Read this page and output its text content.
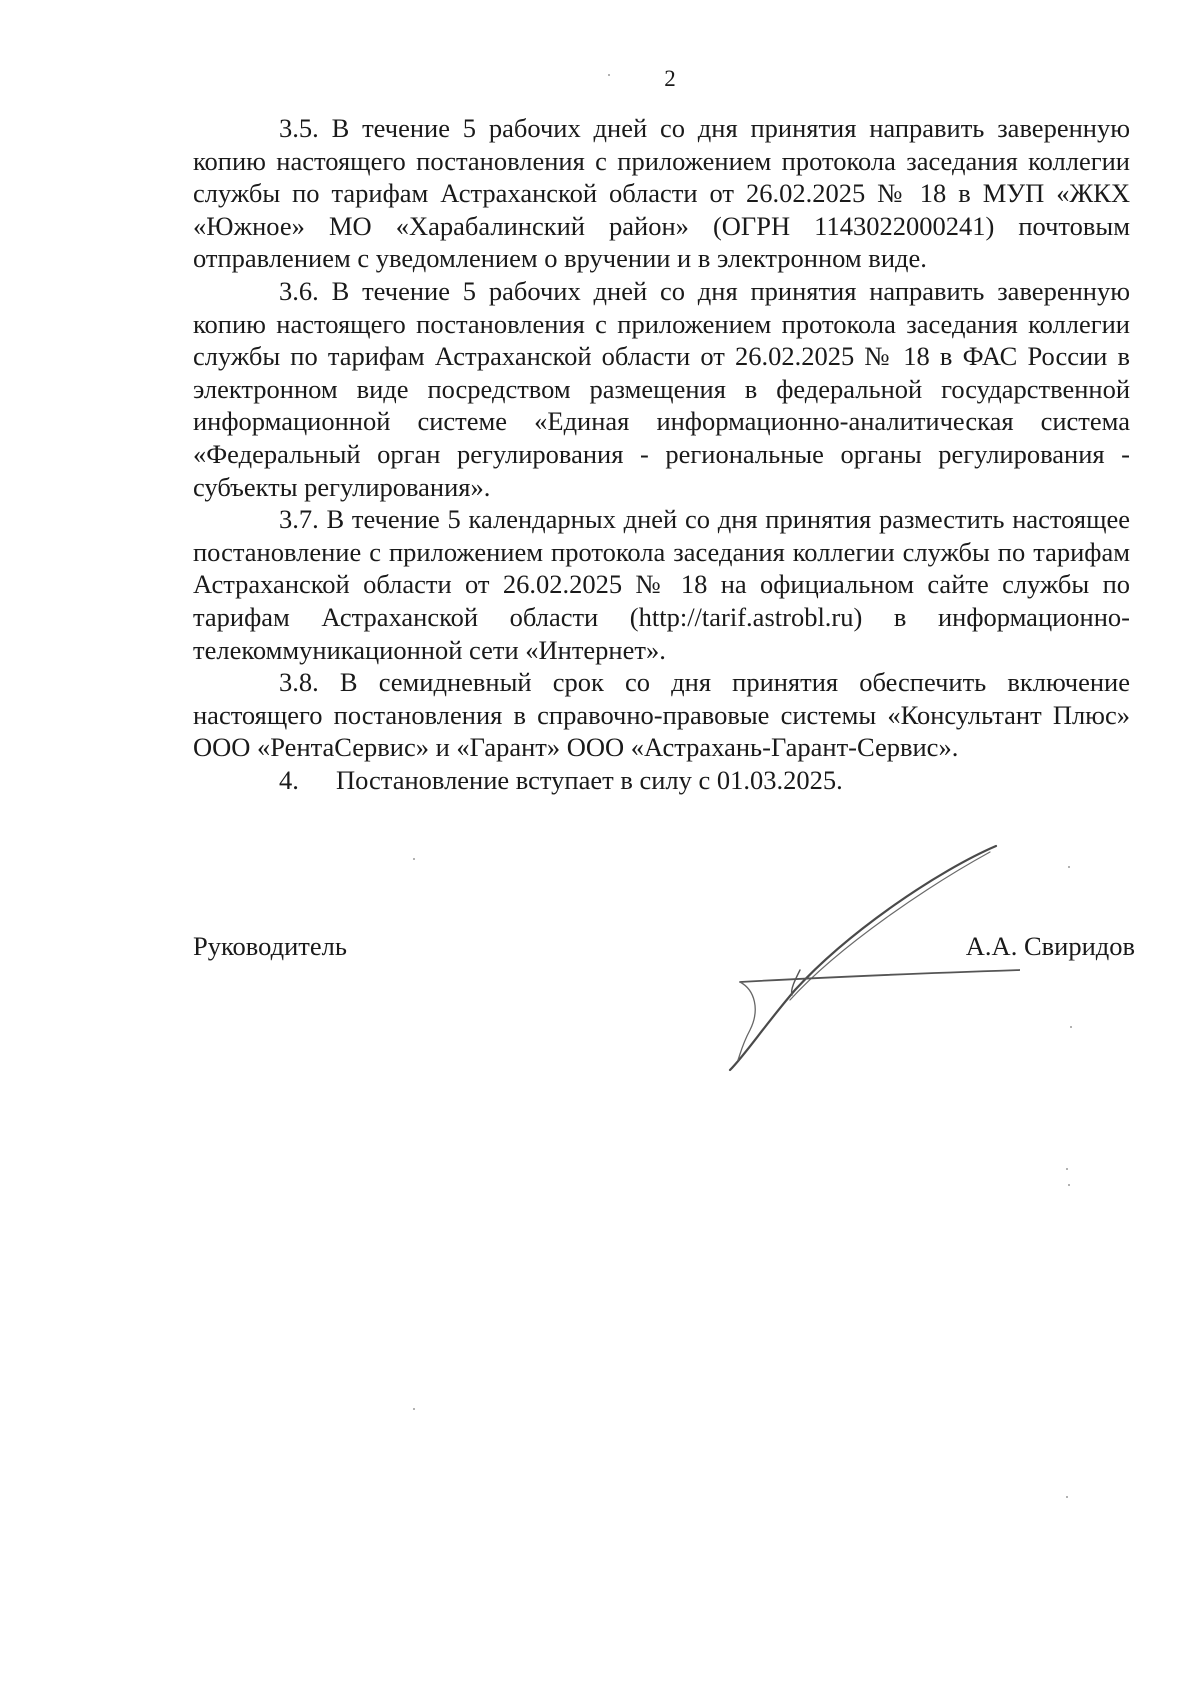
2

3.5. В течение 5 рабочих дней со дня принятия направить заверенную копию настоящего постановления с приложением протокола заседания коллегии службы по тарифам Астраханской области от 26.02.2025 № 18 в МУП «ЖКХ «Южное» МО «Харабалинский район» (ОГРН 1143022000241) почтовым отправлением с уведомлением о вручении и в электронном виде.

3.6. В течение 5 рабочих дней со дня принятия направить заверенную копию настоящего постановления с приложением протокола заседания коллегии службы по тарифам Астраханской области от 26.02.2025 № 18 в ФАС России в электронном виде посредством размещения в федеральной государственной информационной системе «Единая информационно-аналитическая система «Федеральный орган регулирования - региональные органы регулирования - субъекты регулирования».

3.7. В течение 5 календарных дней со дня принятия разместить настоящее постановление с приложением протокола заседания коллегии службы по тарифам Астраханской области от 26.02.2025 № 18 на официальном сайте службы по тарифам Астраханской области (http://tarif.astrobl.ru) в информационно-телекоммуникационной сети «Интернет».

3.8. В семидневный срок со дня принятия обеспечить включение настоящего постановления в справочно-правовые системы «Консультант Плюс» ООО «РентаСервис» и «Гарант» ООО «Астрахань-Гарант-Сервис».

4. Постановление вступает в силу с 01.03.2025.

Руководитель	А.А. Свиридов
